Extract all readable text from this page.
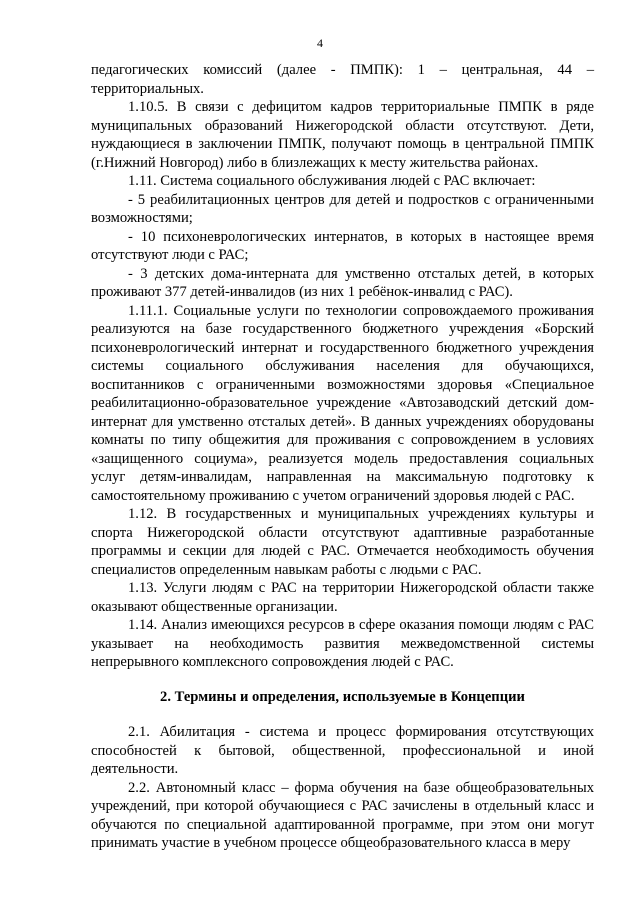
4

педагогических комиссий (далее - ПМПК): 1 – центральная, 44 – территориальных.

1.10.5. В связи с дефицитом кадров территориальные ПМПК в ряде муниципальных образований Нижегородской области отсутствуют. Дети, нуждающиеся в заключении ПМПК, получают помощь в центральной ПМПК (г.Нижний Новгород) либо в близлежащих к месту жительства районах.

1.11. Система социального обслуживания людей с РАС включает:

- 5 реабилитационных центров для детей и подростков с ограниченными возможностями;

- 10 психоневрологических интернатов, в которых в настоящее время отсутствуют люди с РАС;

- 3 детских дома-интерната для умственно отсталых детей, в которых проживают 377 детей-инвалидов (из них 1 ребёнок-инвалид с РАС).

1.11.1. Социальные услуги по технологии сопровождаемого проживания реализуются на базе государственного бюджетного учреждения «Борский психоневрологический интернат и государственного бюджетного учреждения системы социального обслуживания населения для обучающихся, воспитанников с ограниченными возможностями здоровья «Специальное реабилитационно-образовательное учреждение «Автозаводский детский дом-интернат для умственно отсталых детей». В данных учреждениях оборудованы комнаты по типу общежития для проживания с сопровождением в условиях «защищенного социума», реализуется модель предоставления социальных услуг детям-инвалидам, направленная на максимальную подготовку к самостоятельному проживанию с учетом ограничений здоровья людей с РАС.

1.12. В государственных и муниципальных учреждениях культуры и спорта Нижегородской области отсутствуют адаптивные разработанные программы и секции для людей с РАС. Отмечается необходимость обучения специалистов определенным навыкам работы с людьми с РАС.

1.13. Услуги людям с РАС на территории Нижегородской области также оказывают общественные организации.

1.14. Анализ имеющихся ресурсов в сфере оказания помощи людям с РАС указывает на необходимость развития межведомственной системы непрерывного комплексного сопровождения людей с РАС.

2. Термины и определения, используемые в Концепции

2.1. Абилитация - система и процесс формирования отсутствующих способностей к бытовой, общественной, профессиональной и иной деятельности.

2.2. Автономный класс – форма обучения на базе общеобразовательных учреждений, при которой обучающиеся с РАС зачислены в отдельный класс и обучаются по специальной адаптированной программе, при этом они могут принимать участие в учебном процессе общеобразовательного класса в меру
